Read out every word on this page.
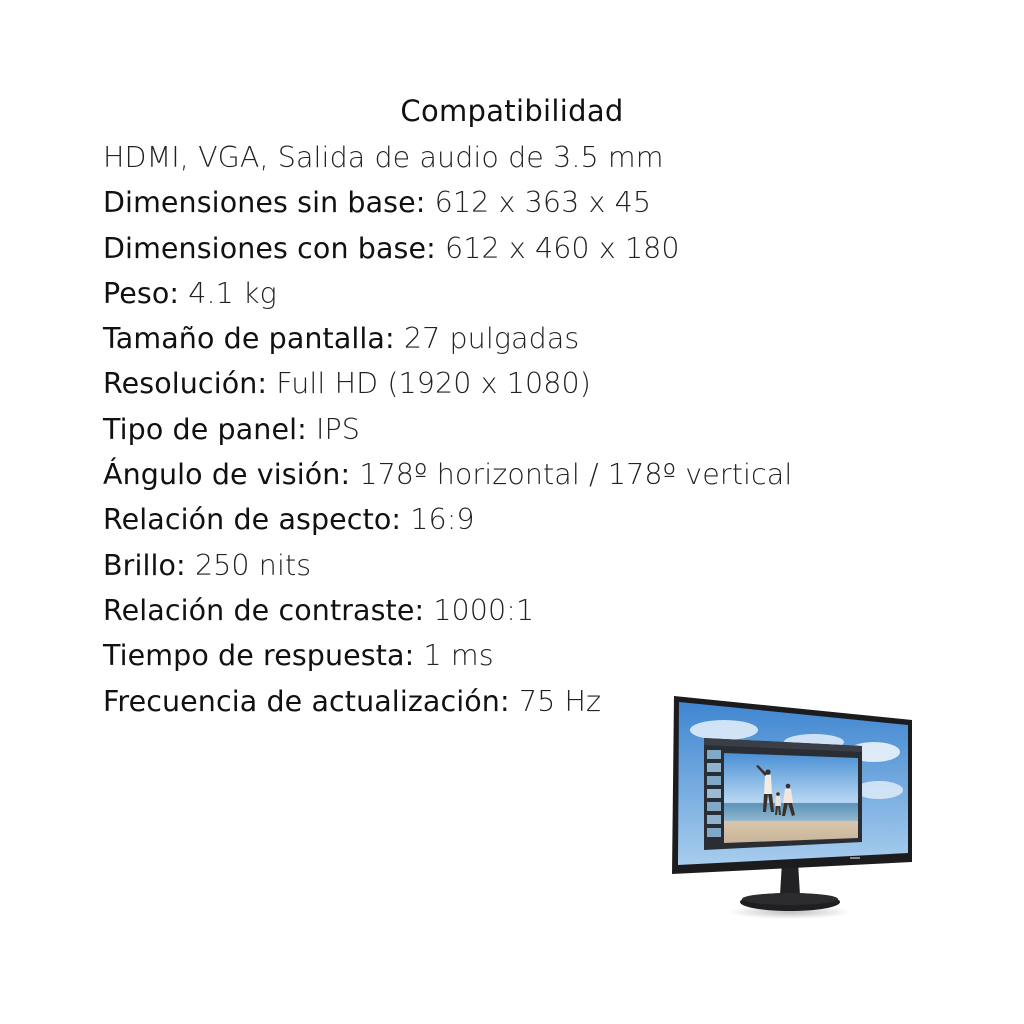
Compatibilidad
HDMI, VGA, Salida de audio de 3.5 mm
Dimensiones sin base: 612 x 363 x 45
Dimensiones con base: 612 x 460 x 180
Peso: 4.1 kg
Tamaño de pantalla: 27 pulgadas
Resolución: Full HD (1920 x 1080)
Tipo de panel: IPS
Ángulo de visión: 178º horizontal / 178º vertical
Relación de aspecto: 16:9
Brillo: 250 nits
Relación de contraste: 1000:1
Tiempo de respuesta: 1 ms
Frecuencia de actualización: 75 Hz
